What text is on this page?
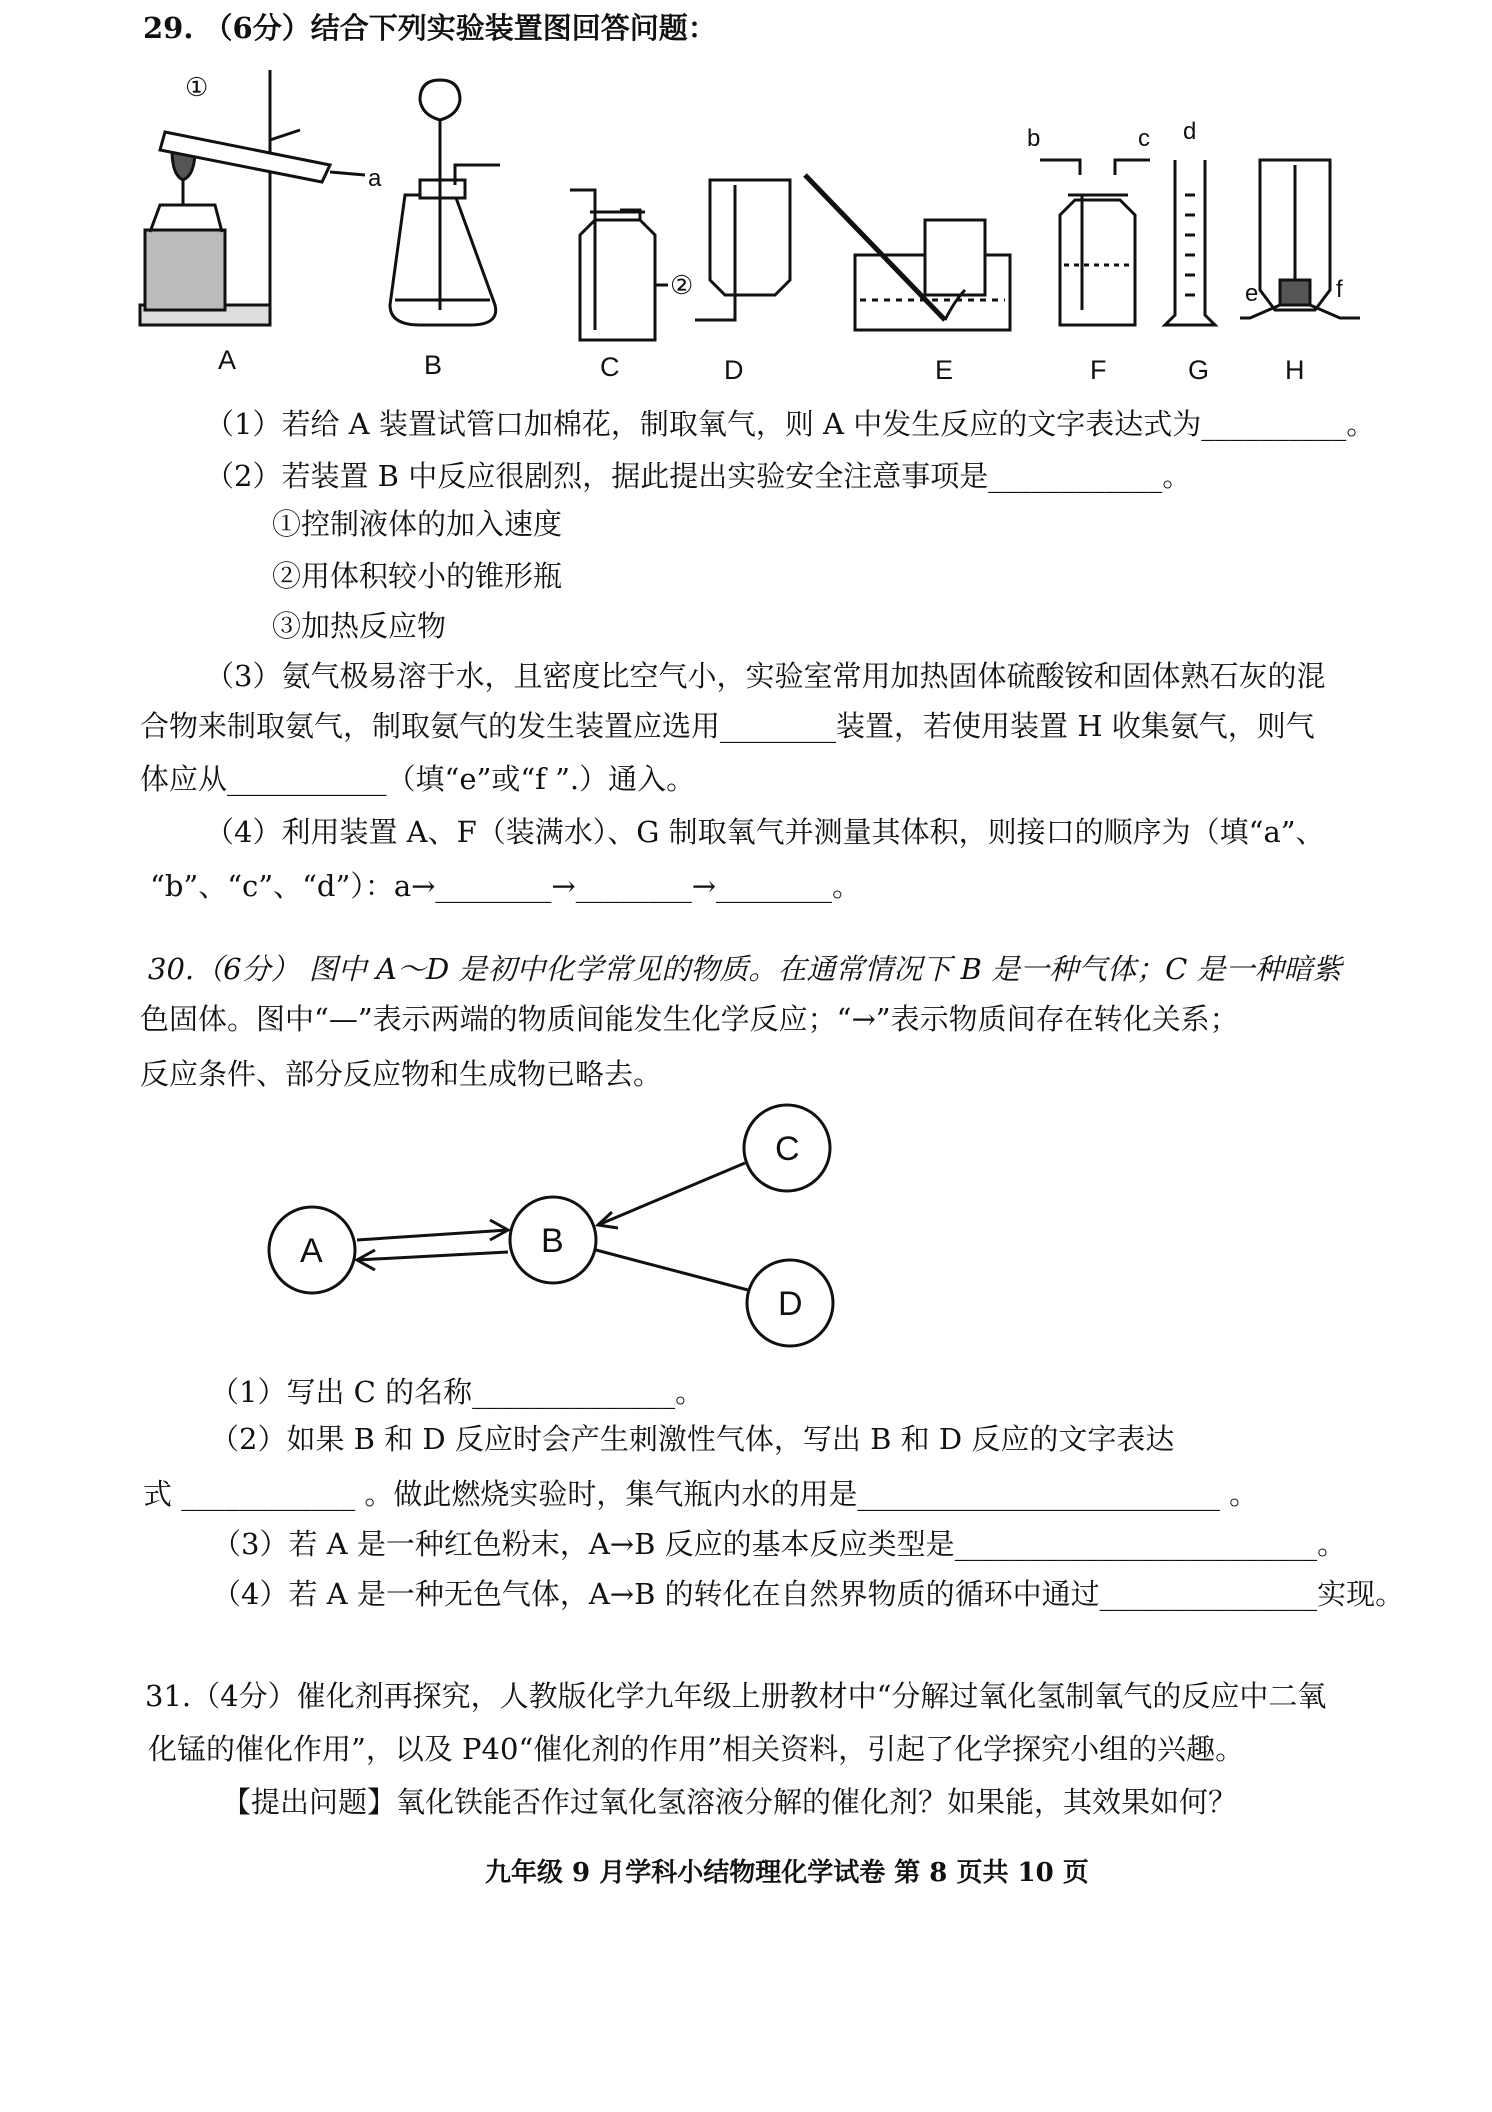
29. （6分）结合下列实验装置图回答问题：
①
a
②
b	c d
e	f
A	B	C	D	E	F	G	H
（1）若给 A 装置试管口加棉花，制取氧气，则 A 中发生反应的文字表达式为__________。
（2）若装置 B 中反应很剧烈，据此提出实验安全注意事项是____________。
①控制液体的加入速度
②用体积较小的锥形瓶
③加热反应物
（3）氨气极易溶于水，且密度比空气小，实验室常用加热固体硫酸铵和固体熟石灰的混
合物来制取氨气，制取氨气的发生装置应选用________装置，若使用装置 H 收集氨气，则气
体应从___________（填“e”或“f ”.）通入。
（4）利用装置 A、F（装满水）、G 制取氧气并测量其体积，则接口的顺序为（填“a”、
“b”、“c”、“d”）：a→________→________→________。
30.（6分） 图中 A～D 是初中化学常见的物质。在通常情况下 B 是一种气体；C 是一种暗紫
色固体。图中“—”表示两端的物质间能发生化学反应；“→”表示物质间存在转化关系；
反应条件、部分反应物和生成物已略去。
A	B
C
D
（1）写出 C 的名称______________。
（2）如果 B 和 D 反应时会产生刺激性气体，写出 B 和 D 反应的文字表达
式 ____________ 。做此燃烧实验时，集气瓶内水的用是_________________________ 。
（3）若 A 是一种红色粉末，A→B 反应的基本反应类型是_________________________。
（4）若 A 是一种无色气体，A→B 的转化在自然界物质的循环中通过_______________实现。
31.（4分）催化剂再探究，人教版化学九年级上册教材中“分解过氧化氢制氧气的反应中二氧
化锰的催化作用”，以及 P40“催化剂的作用”相关资料，引起了化学探究小组的兴趣。
【提出问题】氧化铁能否作过氧化氢溶液分解的催化剂？如果能，其效果如何？
九年级 9 月学科小结物理化学试卷 第 8 页共 10 页
